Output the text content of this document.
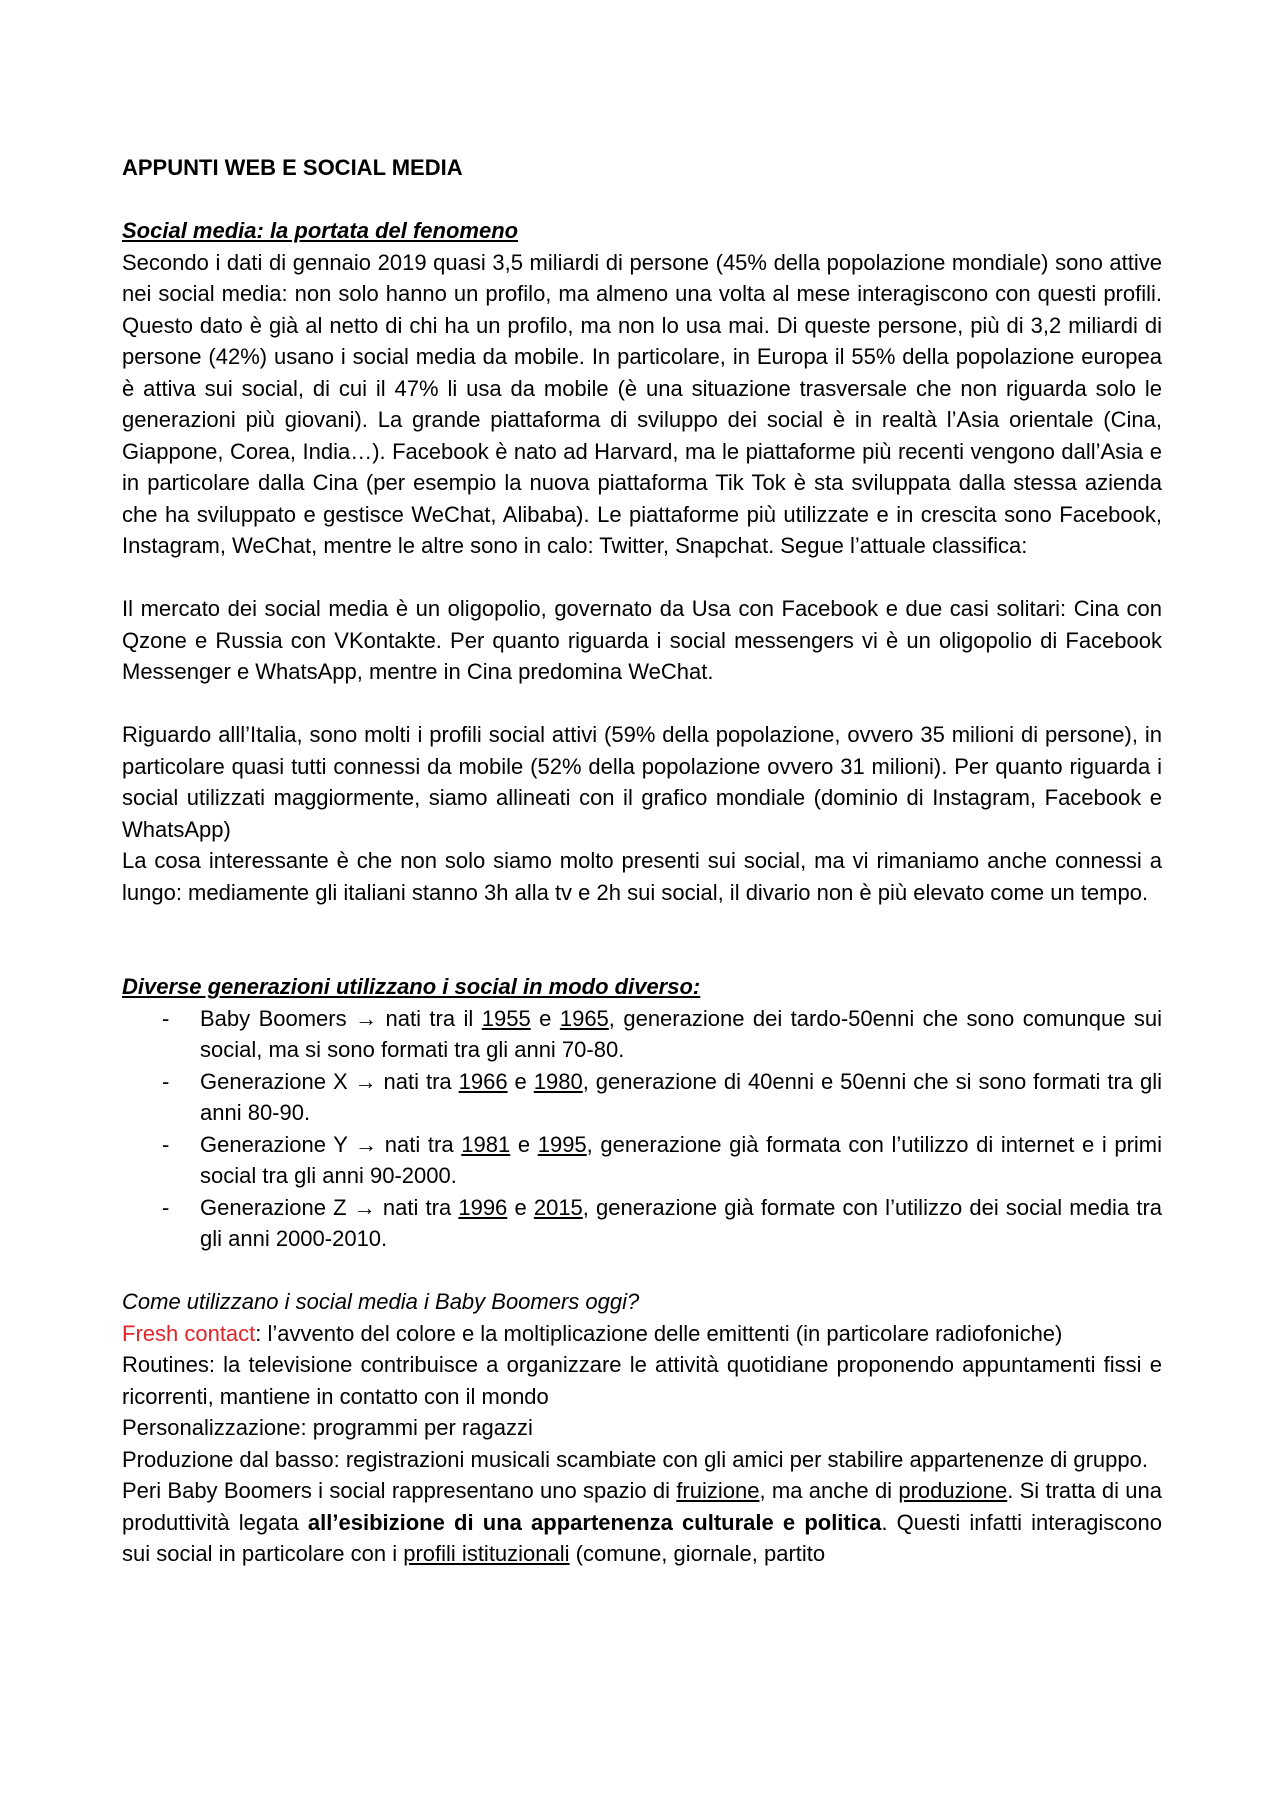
APPUNTI WEB E SOCIAL MEDIA
Social media: la portata del fenomeno

Secondo i dati di gennaio 2019 quasi 3,5 miliardi di persone (45% della popolazione mondiale) sono attive nei social media: non solo hanno un profilo, ma almeno una volta al mese interagiscono con questi profili. Questo dato è già al netto di chi ha un profilo, ma non lo usa mai. Di queste persone, più di 3,2 miliardi di persone (42%) usano i social media da mobile. In particolare, in Europa il 55% della popolazione europea è attiva sui social, di cui il 47% li usa da mobile (è una situazione trasversale che non riguarda solo le generazioni più giovani). La grande piattaforma di sviluppo dei social è in realtà l’Asia orientale (Cina, Giappone, Corea, India…). Facebook è nato ad Harvard, ma le piattaforme più recenti vengono dall’Asia e in particolare dalla Cina (per esempio la nuova piattaforma Tik Tok è sta sviluppata dalla stessa azienda che ha sviluppato e gestisce WeChat, Alibaba). Le piattaforme più utilizzate e in crescita sono Facebook, Instagram, WeChat, mentre le altre sono in calo: Twitter, Snapchat. Segue l’attuale classifica:

Il mercato dei social media è un oligopolio, governato da Usa con Facebook e due casi solitari: Cina con Qzone e Russia con VKontakte. Per quanto riguarda i social messengers vi è un oligopolio di Facebook Messenger e WhatsApp, mentre in Cina predomina WeChat.

Riguardo alll’Italia, sono molti i profili social attivi (59% della popolazione, ovvero 35 milioni di persone), in particolare quasi tutti connessi da mobile (52% della popolazione ovvero 31 milioni). Per quanto riguarda i social utilizzati maggiormente, siamo allineati con il grafico mondiale (dominio di Instagram, Facebook e WhatsApp)

La cosa interessante è che non solo siamo molto presenti sui social, ma vi rimaniamo anche connessi a lungo: mediamente gli italiani stanno 3h alla tv e 2h sui social, il divario non è più elevato come un tempo.

Diverse generazioni utilizzano i social in modo diverso:
- Baby Boomers → nati tra il 1955 e 1965, generazione dei tardo-50enni che sono comunque sui social, ma si sono formati tra gli anni 70-80.
- Generazione X → nati tra 1966 e 1980, generazione di 40enni e 50enni che si sono formati tra gli anni 80-90.
- Generazione Y → nati tra 1981 e 1995, generazione già formata con l’utilizzo di internet e i primi social tra gli anni 90-2000.
- Generazione Z → nati tra 1996 e 2015, generazione già formate con l’utilizzo dei social media tra gli anni 2000-2010.

Come utilizzano i social media i Baby Boomers oggi?

Fresh contact: l’avvento del colore e la moltiplicazione delle emittenti (in particolare radiofoniche)

Routines: la televisione contribuisce a organizzare le attività quotidiane proponendo appuntamenti fissi e ricorrenti, mantiene in contatto con il mondo

Personalizzazione: programmi per ragazzi

Produzione dal basso: registrazioni musicali scambiate con gli amici per stabilire appartenenze di gruppo.

Peri Baby Boomers i social rappresentano uno spazio di fruizione, ma anche di produzione. Si tratta di una produttività legata all’esibizione di una appartenenza culturale e politica. Questi infatti interagiscono sui social in particolare con i profili istituzionali (comune, giornale, partito
